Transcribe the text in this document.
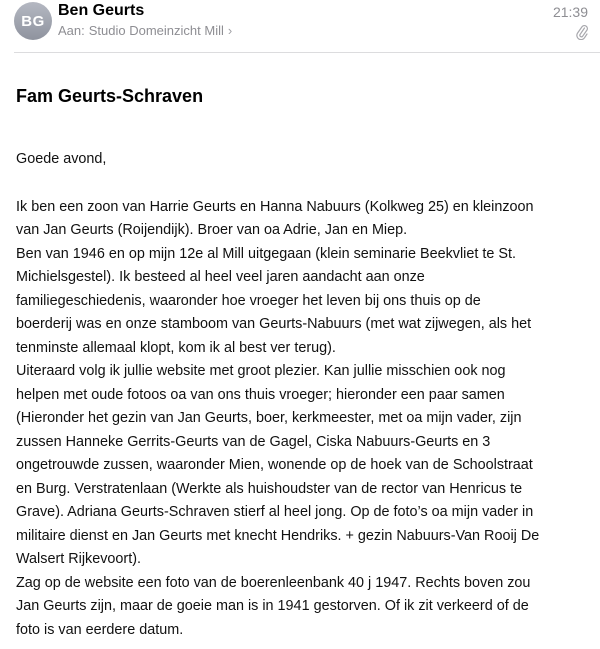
BG
Ben Geurts
Aan: Studio Domeinzicht Mill ›
21:39
Fam Geurts-Schraven
Goede avond,
Ik ben een zoon van Harrie Geurts en Hanna Nabuurs (Kolkweg 25) en kleinzoon
van Jan Geurts (Roijendijk). Broer van oa Adrie, Jan en Miep.
Ben van 1946 en op mijn 12e al Mill uitgegaan (klein seminarie Beekvliet te St.
Michielsgestel). Ik besteed al heel veel jaren aandacht aan onze
familiegeschiedenis, waaronder hoe vroeger het leven bij ons thuis op de
boerderij was en onze stamboom van Geurts-Nabuurs (met wat zijwegen, als het
tenminste allemaal klopt, kom ik al best ver terug).
Uiteraard volg ik jullie website met groot plezier. Kan jullie misschien ook nog
helpen met oude fotoos oa van ons thuis vroeger; hieronder een paar samen
(Hieronder het gezin van Jan Geurts, boer, kerkmeester, met oa mijn vader, zijn
zussen Hanneke Gerrits-Geurts van de Gagel, Ciska Nabuurs-Geurts en 3
ongetrouwde zussen, waaronder Mien, wonende op de hoek van de Schoolstraat
en Burg. Verstratenlaan (Werkte als huishoudster van de rector van Henricus te
Grave). Adriana Geurts-Schraven stierf al heel jong. Op de foto’s oa mijn vader in
militaire dienst en Jan Geurts met knecht Hendriks. + gezin Nabuurs-Van Rooij De
Walsert Rijkevoort).
Zag op de website een foto van de boerenleenbank 40 j 1947. Rechts boven zou
Jan Geurts zijn, maar de goeie man is in 1941 gestorven. Of ik zit verkeerd of de
foto is van eerdere datum.
